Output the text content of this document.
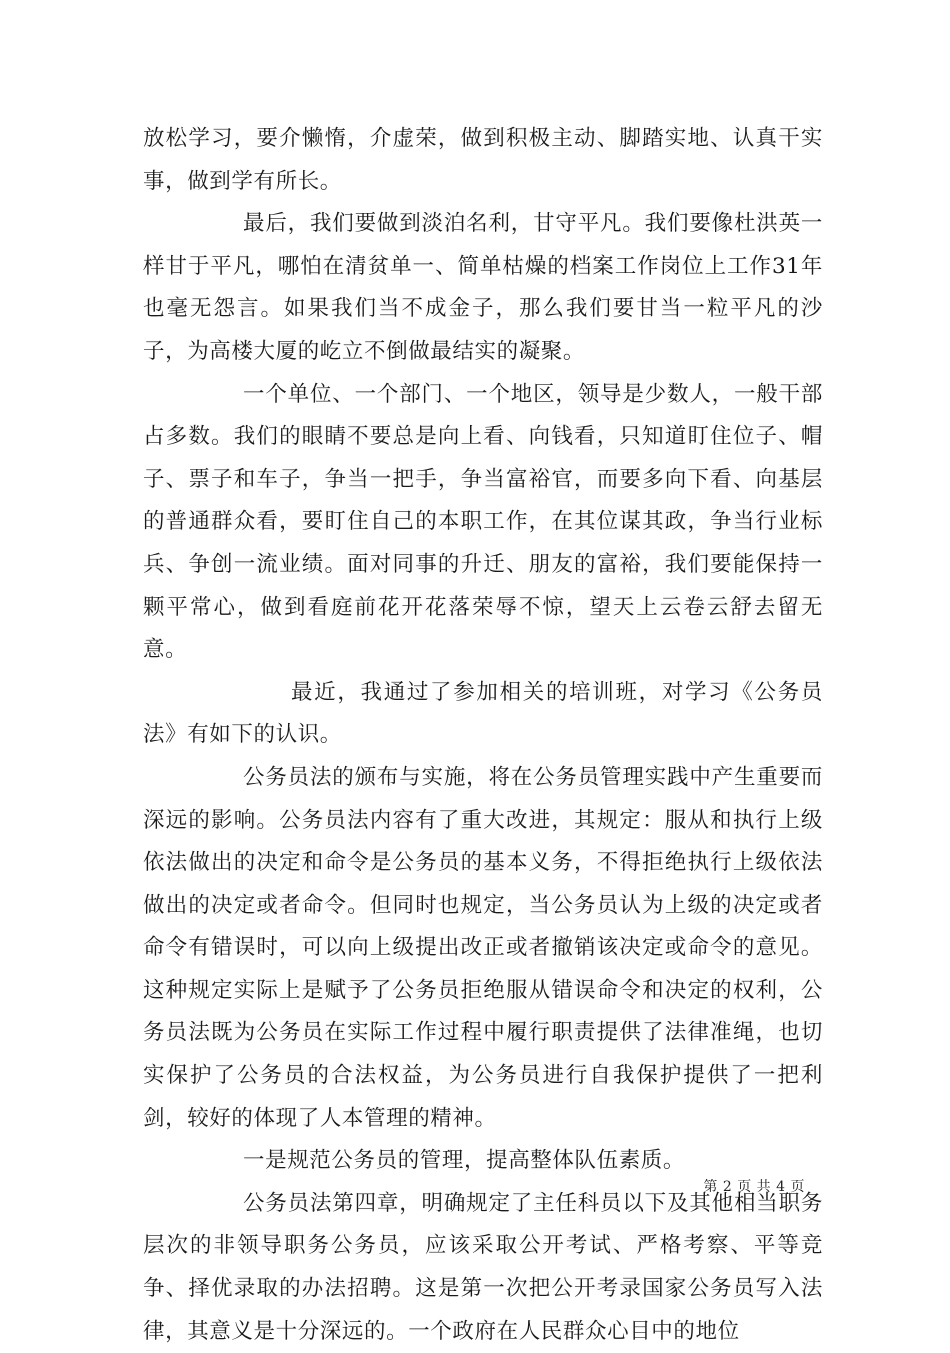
放松学习，要介懒惰，介虚荣，做到积极主动、脚踏实地、认真干实事，做到学有所长。

最后，我们要做到淡泊名利，甘守平凡。我们要像杜洪英一样甘于平凡，哪怕在清贫单一、简单枯燥的档案工作岗位上工作31年也毫无怨言。如果我们当不成金子，那么我们要甘当一粒平凡的沙子，为高楼大厦的屹立不倒做最结实的凝聚。

一个单位、一个部门、一个地区，领导是少数人，一般干部占多数。我们的眼睛不要总是向上看、向钱看，只知道盯住位子、帽子、票子和车子，争当一把手，争当富裕官，而要多向下看、向基层的普通群众看，要盯住自己的本职工作，在其位谋其政，争当行业标兵、争创一流业绩。面对同事的升迁、朋友的富裕，我们要能保持一颗平常心，做到看庭前花开花落荣辱不惊，望天上云卷云舒去留无意。

最近，我通过了参加相关的培训班，对学习《公务员法》有如下的认识。

公务员法的颁布与实施，将在公务员管理实践中产生重要而深远的影响。公务员法内容有了重大改进，其规定：服从和执行上级依法做出的决定和命令是公务员的基本义务，不得拒绝执行上级依法做出的决定或者命令。但同时也规定，当公务员认为上级的决定或者命令有错误时，可以向上级提出改正或者撤销该决定或命令的意见。这种规定实际上是赋予了公务员拒绝服从错误命令和决定的权利，公务员法既为公务员在实际工作过程中履行职责提供了法律准绳，也切实保护了公务员的合法权益，为公务员进行自我保护提供了一把利剑，较好的体现了人本管理的精神。

一是规范公务员的管理，提高整体队伍素质。

公务员法第四章，明确规定了主任科员以下及其他相当职务层次的非领导职务公务员，应该采取公开考试、严格考察、平等竞争、择优录取的办法招聘。这是第一次把公开考录国家公务员写入法律，其意义是十分深远的。一个政府在人民群众心目中的地位

第 2 页 共 4 页
